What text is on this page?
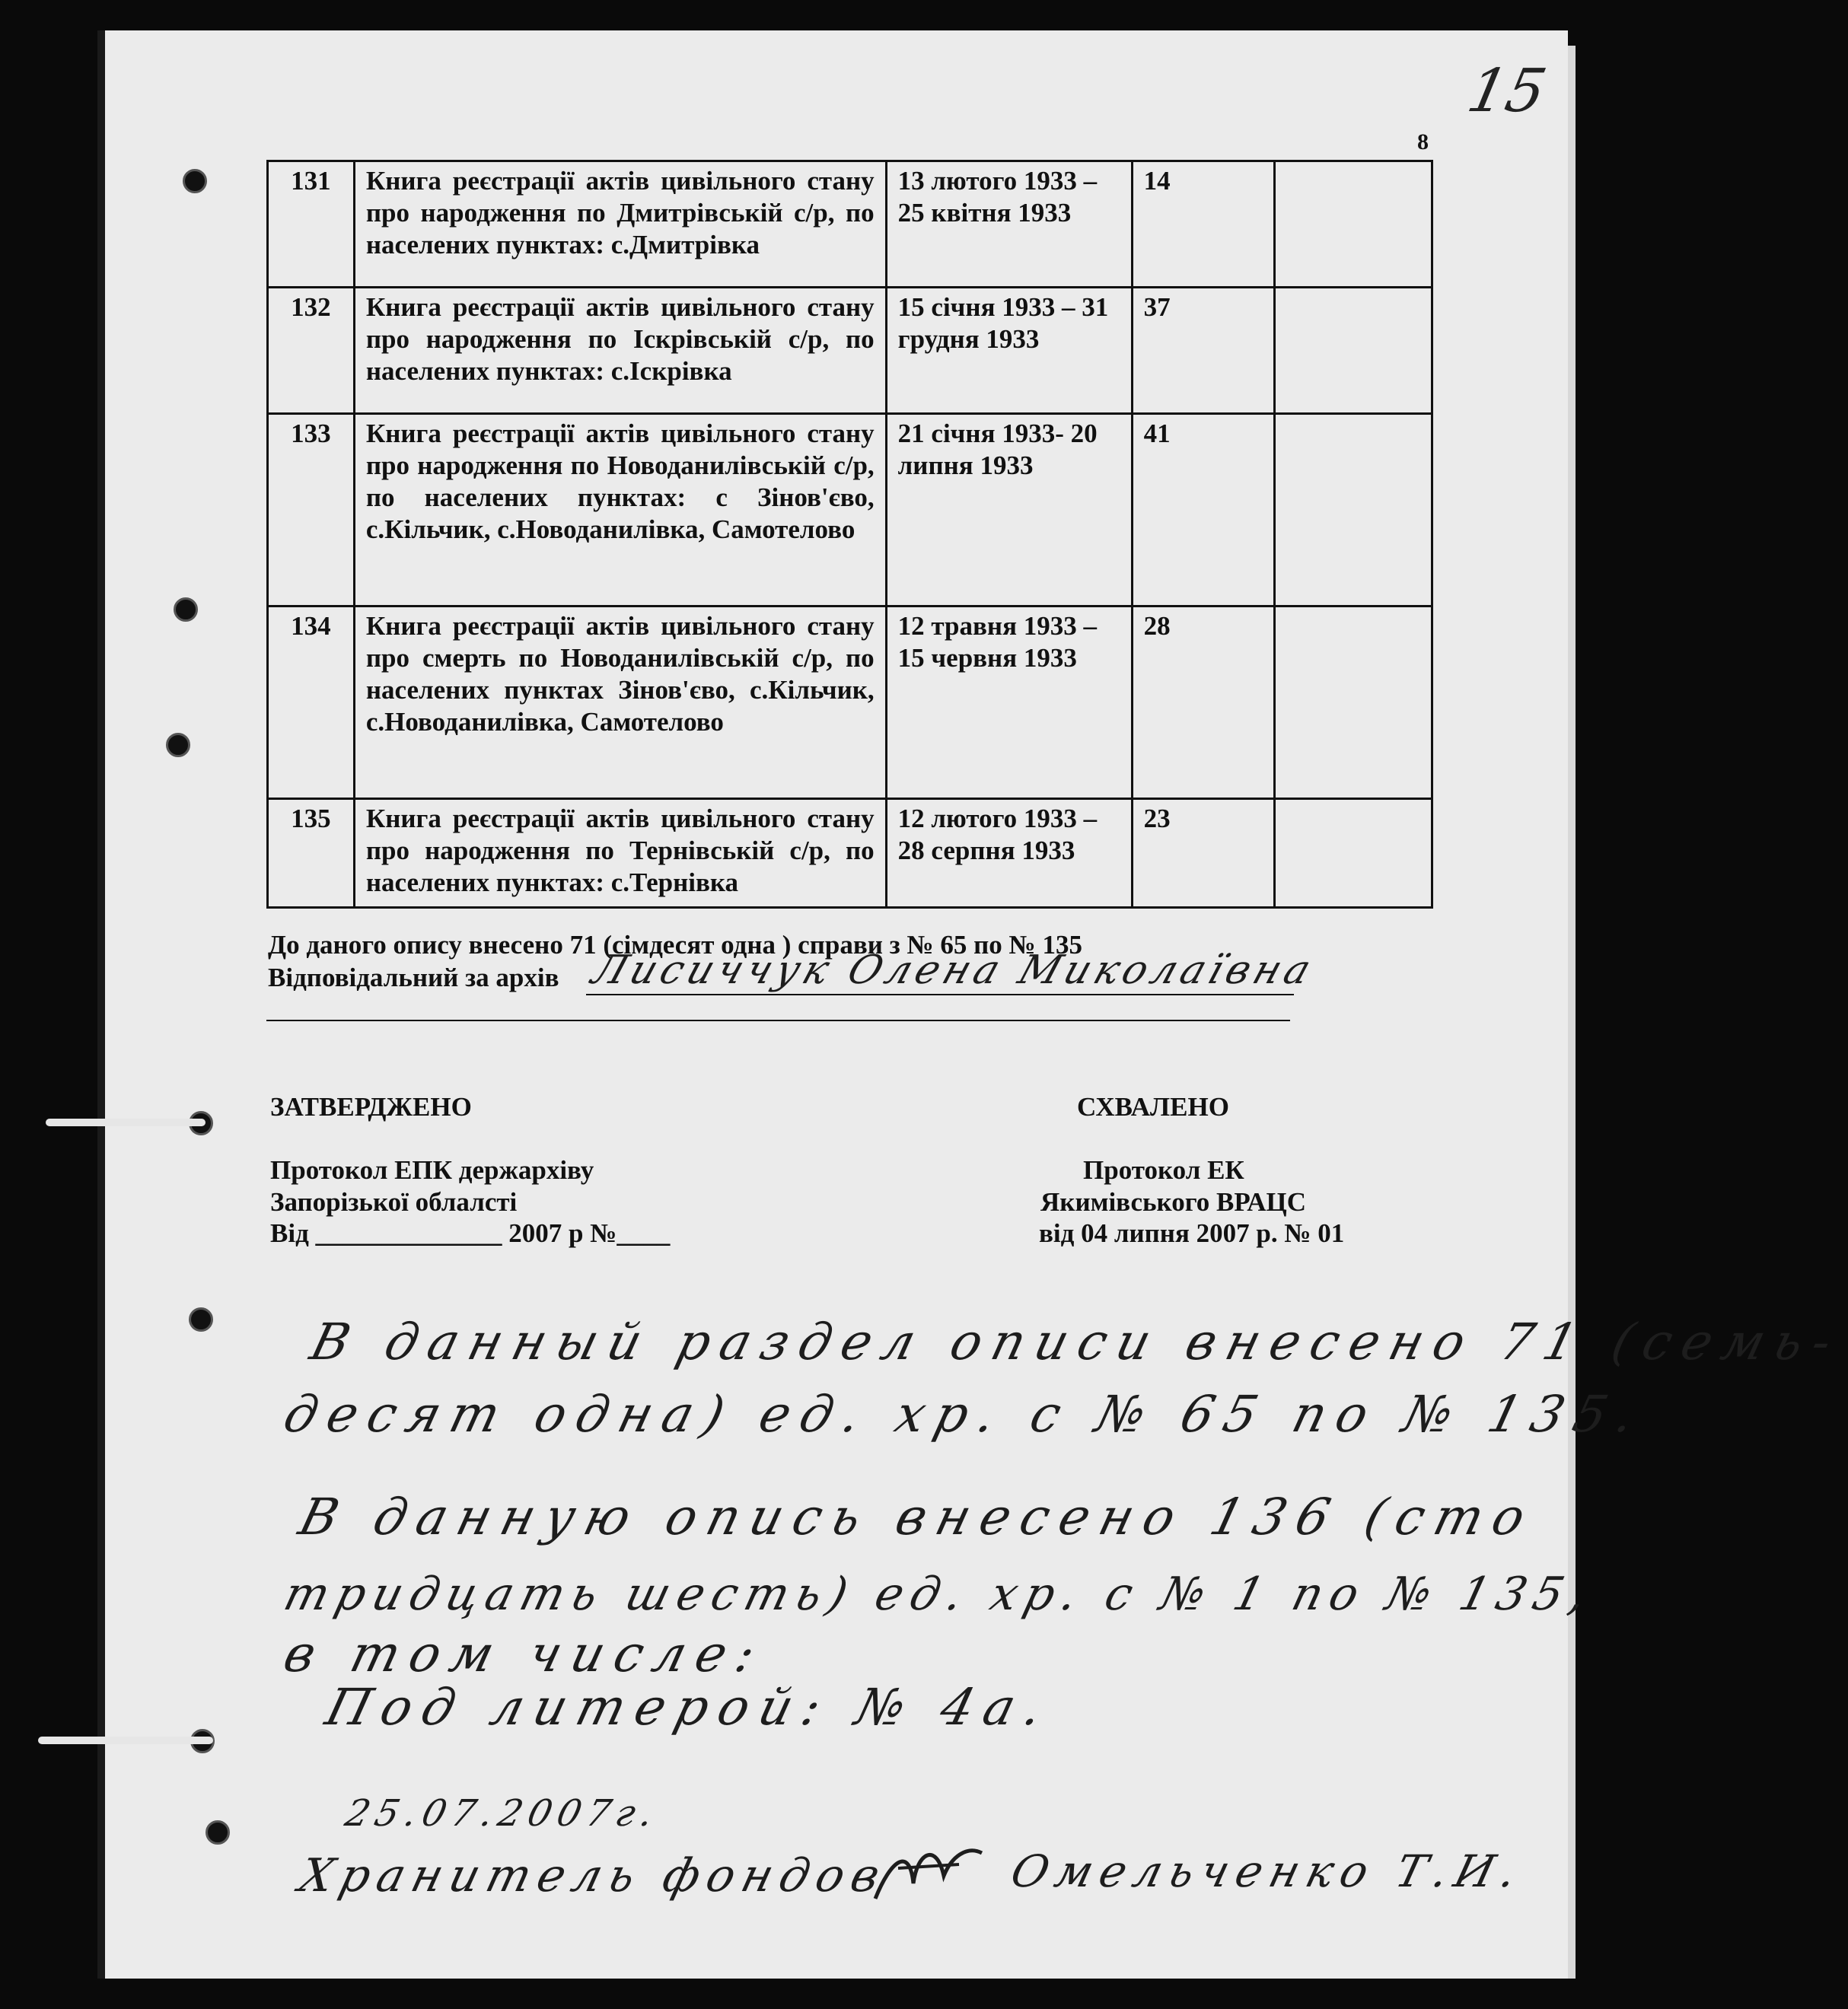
15
8
131	Книга реєстрації актів цивільного стану про народження по Дмитрівській с/р, по населених пунктах: с.Дмитрівка	13 лютого 1933 – 25 квітня 1933	14	
132	Книга реєстрації актів цивільного стану про народження по Іскрівській с/р, по населених пунктах: с.Іскрівка	15 січня 1933 – 31 грудня 1933	37	
133	Книга реєстрації актів цивільного стану про народження по Новоданилівській с/р, по населених пунктах: с Зінов'єво, с.Кільчик, с.Новоданилівка, Самотелово	21 січня 1933- 20 липня 1933	41	
134	Книга реєстрації актів цивільного стану про смерть по Новоданилівській с/р, по населених пунктах Зінов'єво, с.Кільчик, с.Новоданилівка, Самотелово	12 травня 1933 – 15 червня 1933	28	
135	Книга реєстрації актів цивільного стану про народження по Тернівській с/р, по населених пунктах: с.Тернівка	12 лютого 1933 – 28 серпня 1933	23	
До даного опису внесено 71 (сімдесят одна ) справи з № 65 по № 135
Відповідальний за архів Лисиччук Олена Миколаївна
ЗАТВЕРДЖЕНО
Протокол ЕПК держархіву
Запорізької облалсті
Від ______________ 2007 р №____
СХВАЛЕНО
Протокол ЕК
Якимівського ВРАЦС
від 04 липня 2007 р. № 01
В данный раздел описи внесено 71 (семь-
десят одна) ед. хр. с № 65 по № 135.
В данную опись внесено 136 (сто
тридцать шесть) ед. хр. с № 1 по № 135,
в том числе:
Под литерой: № 4а.
25.07.2007г.
Хранитель фондов	Омельченко Т.И.
